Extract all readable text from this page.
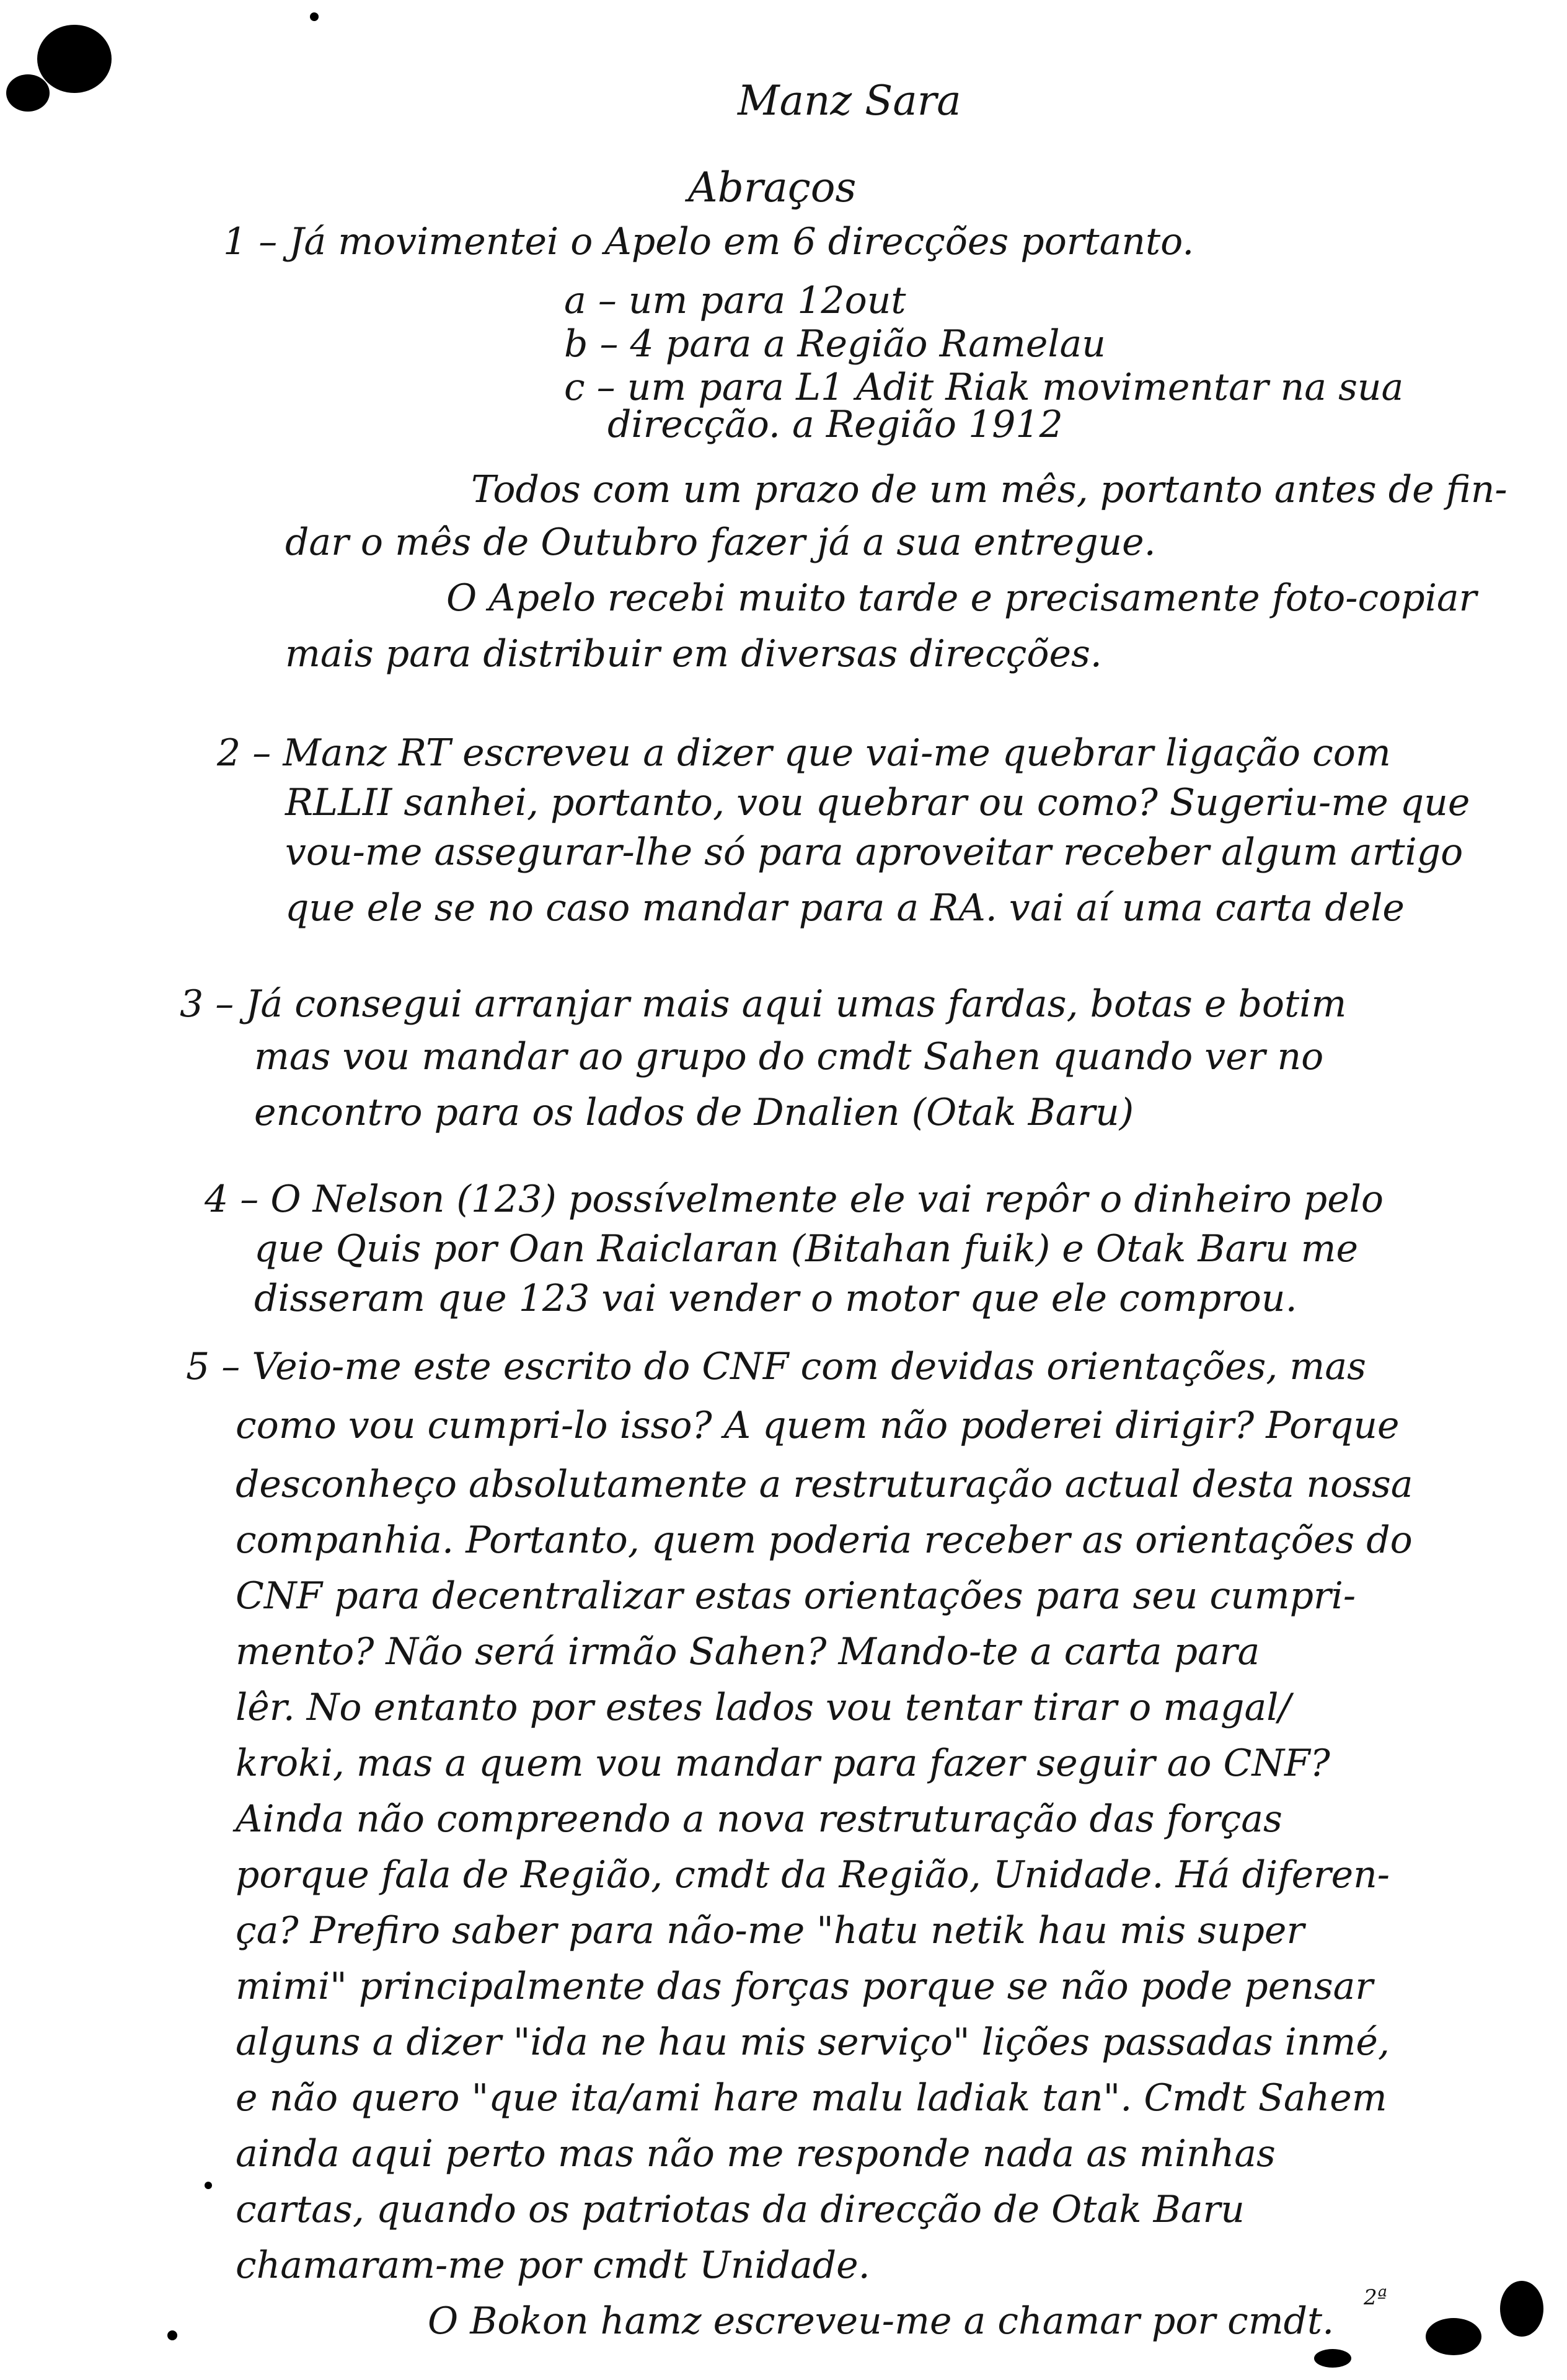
Manz Sara
Abraços
1 – Já movimentei o Apelo em 6 direcções portanto.
a – um para 12out
b – 4 para a Região Ramelau
c – um para L1 Adit Riak movimentar na sua
direcção. a Região 1912
Todos com um prazo de um mês, portanto antes de fin-
dar o mês de Outubro fazer já a sua entregue.
O Apelo recebi muito tarde e precisamente foto-copiar
mais para distribuir em diversas direcções.
2 – Manz RT escreveu a dizer que vai-me quebrar ligação com
RLLII sanhei, portanto, vou quebrar ou como? Sugeriu-me que
vou-me assegurar-lhe só para aproveitar receber algum artigo
que ele se no caso mandar para a RA. vai aí uma carta dele
3 – Já consegui arranjar mais aqui umas fardas, botas e botim
mas vou mandar ao grupo do cmdt Sahen quando ver no
encontro para os lados de Dnalien (Otak Baru)
4 – O Nelson (123) possívelmente ele vai repôr o dinheiro pelo
que Quis por Oan Raiclaran (Bitahan fuik) e Otak Baru me
disseram que 123 vai vender o motor que ele comprou.
5 – Veio-me este escrito do CNF com devidas orientações, mas
como vou cumpri-lo isso? A quem não poderei dirigir? Porque
desconheço absolutamente a restruturação actual desta nossa
companhia. Portanto, quem poderia receber as orientações do
CNF para decentralizar estas orientações para seu cumpri-
mento? Não será irmão Sahen? Mando-te a carta para
lêr. No entanto por estes lados vou tentar tirar o magal/
kroki, mas a quem vou mandar para fazer seguir ao CNF?
Ainda não compreendo a nova restruturação das forças
porque fala de Região, cmdt da Região, Unidade. Há diferen-
ça? Prefiro saber para não-me "hatu netik hau mis super
mimi" principalmente das forças porque se não pode pensar
alguns a dizer "ida ne hau mis serviço" lições passadas inmé,
e não quero "que ita/ami hare malu ladiak tan". Cmdt Sahem
ainda aqui perto mas não me responde nada as minhas
cartas, quando os patriotas da direcção de Otak Baru
chamaram-me por cmdt Unidade.
O Bokon hamz escreveu-me a chamar por cmdt.
2ª
